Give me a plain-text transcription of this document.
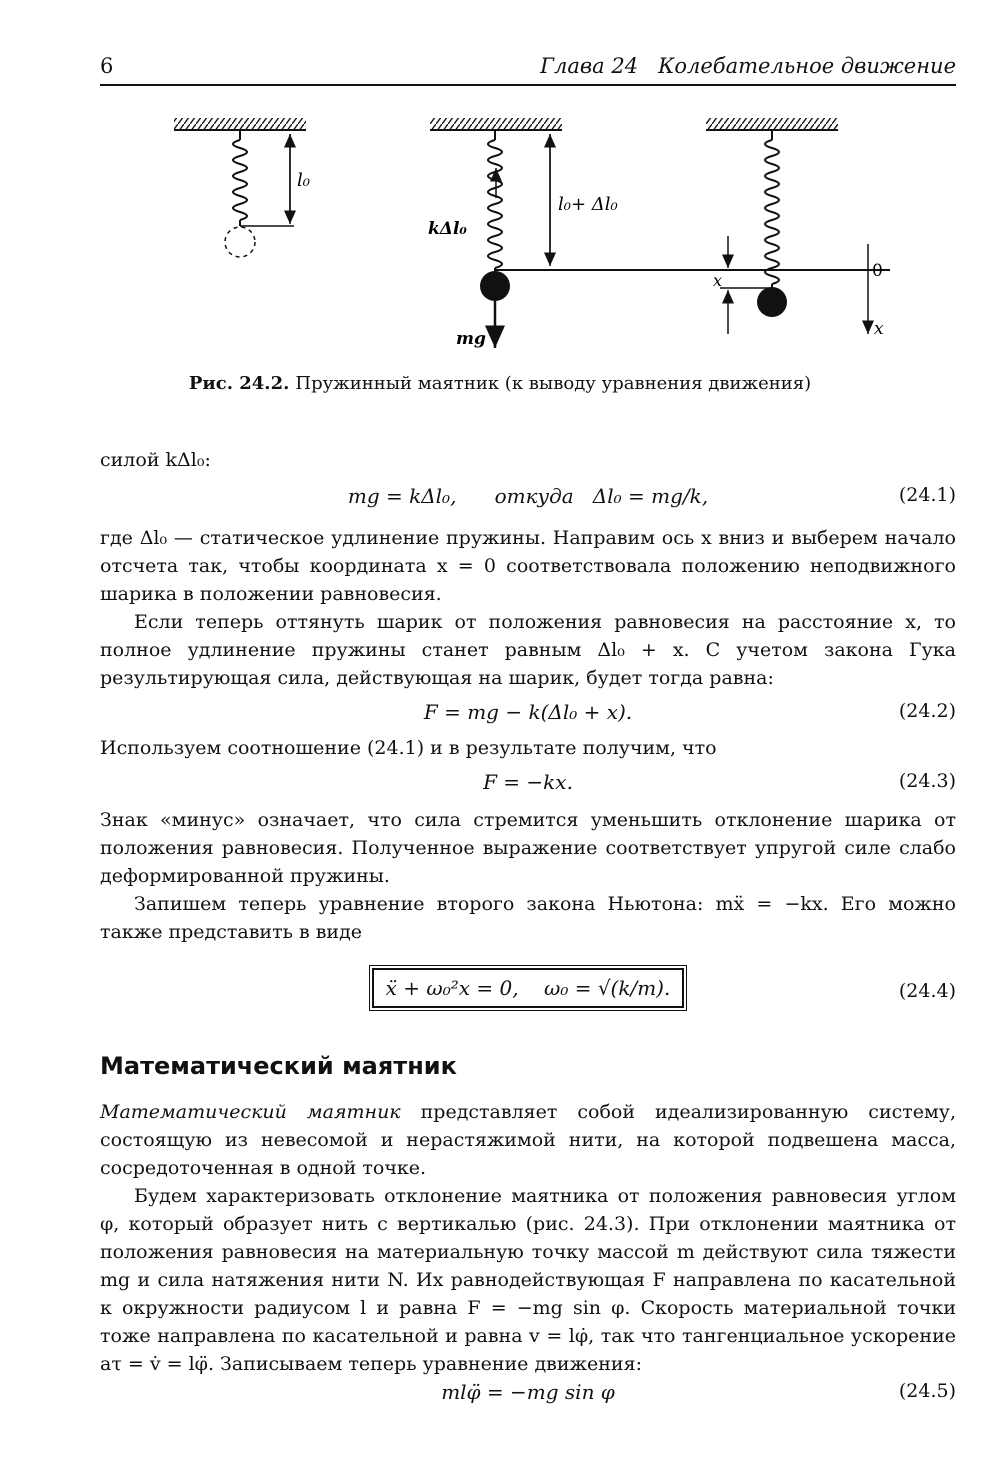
6	Глава 24   Колебательное движение
l₀
l₀+ Δl₀
kΔl₀
mg
x	0
x
Рис. 24.2. Пружинный маятник (к выводу уравнения движения)
силой kΔl₀:
mg = kΔl₀,      откуда   Δl₀ = mg/k,	(24.1)
где Δl₀ — статическое удлинение пружины. Направим ось x вниз и выберем начало отсчета так, чтобы координата x = 0 соответствовала положению неподвижного шарика в положении равновесия.
Если теперь оттянуть шарик от положения равновесия на расстояние x, то полное удлинение пружины станет равным Δl₀ + x. С учетом закона Гука результирующая сила, действующая на шарик, будет тогда равна:
F = mg − k(Δl₀ + x).	(24.2)
Используем соотношение (24.1) и в результате получим, что
F = −kx.	(24.3)
Знак «минус» означает, что сила стремится уменьшить отклонение шарика от положения равновесия. Полученное выражение соответствует упругой силе слабо деформированной пружины.
Запишем теперь уравнение второго закона Ньютона: mẍ = −kx. Его можно также представить в виде
ẍ + ω₀²x = 0,    ω₀ = √(k/m).	(24.4)
Математический маятник
Математический маятник представляет собой идеализированную систему, состоящую из невесомой и нерастяжимой нити, на которой подвешена масса, сосредоточенная в одной точке.
Будем характеризовать отклонение маятника от положения равновесия углом φ, который образует нить с вертикалью (рис. 24.3). При отклонении маятника от положения равновесия на материальную точку массой m действуют сила тяжести mg и сила натяжения нити N. Их равнодействующая F направлена по касательной к окружности радиусом l и равна F = −mg sin φ. Скорость материальной точки тоже направлена по касательной и равна v = lφ̇, так что тангенциальное ускорение aτ = v̇ = lφ̈. Записываем теперь уравнение движения:
mlφ̈ = −mg sin φ	(24.5)
